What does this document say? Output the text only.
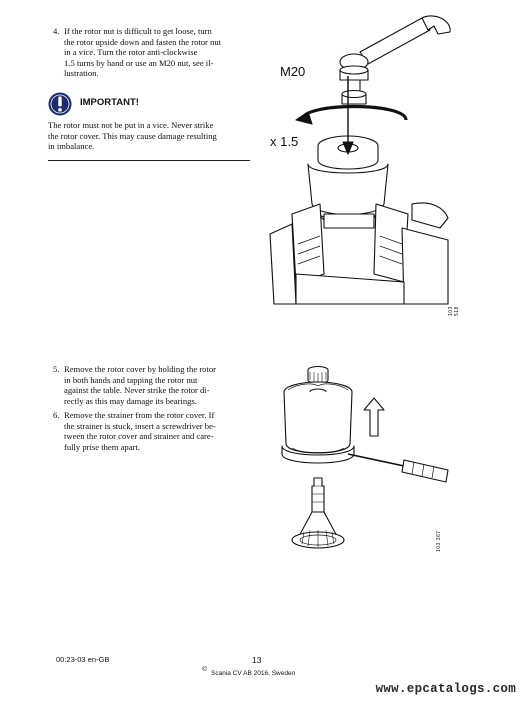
4. If the rotor nut is difficult to get loose, turn
the rotor upside down and fasten the rotor nut
in a vice. Turn the rotor anti-clockwise
1.5 turns by hand or use an M20 nut, see il-
lustration.
IMPORTANT!
The rotor must not be put in a vice. Never strike
the rotor cover. This may cause damage resulting
in imbalance.
M20
x 1.5
103 518
5. Remove the rotor cover by holding the rotor
in both hands and tapping the rotor nut
against the table. Never strike the rotor di-
rectly as this may damage its bearings.
6. Remove the strainer from the rotor cover. If
the strainer is stuck, insert a screwdriver be-
tween the rotor cover and strainer and care-
fully prise them apart.
103 367
00:23-03 en-GB	13
©
Scania CV AB 2016, Sweden
www.epcatalogs.com
